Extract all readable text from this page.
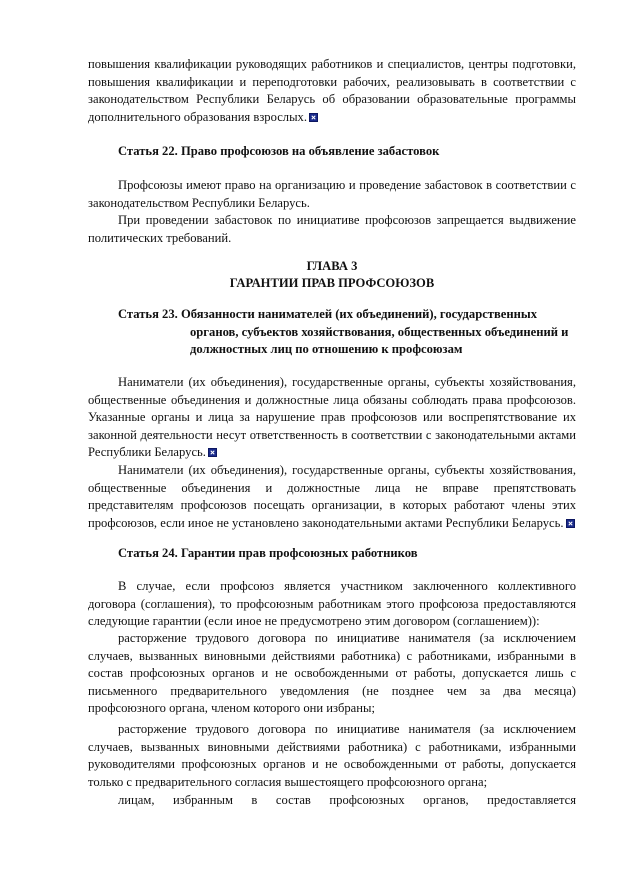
повышения квалификации руководящих работников и специалистов, центры подготовки, повышения квалификации и переподготовки рабочих, реализовывать в соответствии с законодательством Республики Беларусь об образовании образовательные программы дополнительного образования взрослых.

Статья 22. Право профсоюзов на объявление забастовок

Профсоюзы имеют право на организацию и проведение забастовок в соответствии с законодательством Республики Беларусь.

При проведении забастовок по инициативе профсоюзов запрещается выдвижение политических требований.

ГЛАВА 3

ГАРАНТИИ ПРАВ ПРОФСОЮЗОВ

Статья 23. Обязанности нанимателей (их объединений), государственных органов, субъектов хозяйствования, общественных объединений и должностных лиц по отношению к профсоюзам

Наниматели (их объединения), государственные органы, субъекты хозяйствования, общественные объединения и должностные лица обязаны соблюдать права профсоюзов. Указанные органы и лица за нарушение прав профсоюзов или воспрепятствование их законной деятельности несут ответственность в соответствии с законодательными актами Республики Беларусь.

Наниматели (их объединения), государственные органы, субъекты хозяйствования, общественные объединения и должностные лица не вправе препятствовать представителям профсоюзов посещать организации, в которых работают члены этих профсоюзов, если иное не установлено законодательными актами Республики Беларусь.

Статья 24. Гарантии прав профсоюзных работников

В случае, если профсоюз является участником заключенного коллективного договора (соглашения), то профсоюзным работникам этого профсоюза предоставляются следующие гарантии (если иное не предусмотрено этим договором (соглашением)):

расторжение трудового договора по инициативе нанимателя (за исключением случаев, вызванных виновными действиями работника) с работниками, избранными в состав профсоюзных органов и не освобожденными от работы, допускается лишь с письменного предварительного уведомления (не позднее чем за два месяца) профсоюзного органа, членом которого они избраны;

расторжение трудового договора по инициативе нанимателя (за исключением случаев, вызванных виновными действиями работника) с работниками, избранными руководителями профсоюзных органов и не освобожденными от работы, допускается только с предварительного согласия вышестоящего профсоюзного органа;

лицам, избранным в состав профсоюзных органов, предоставляется
